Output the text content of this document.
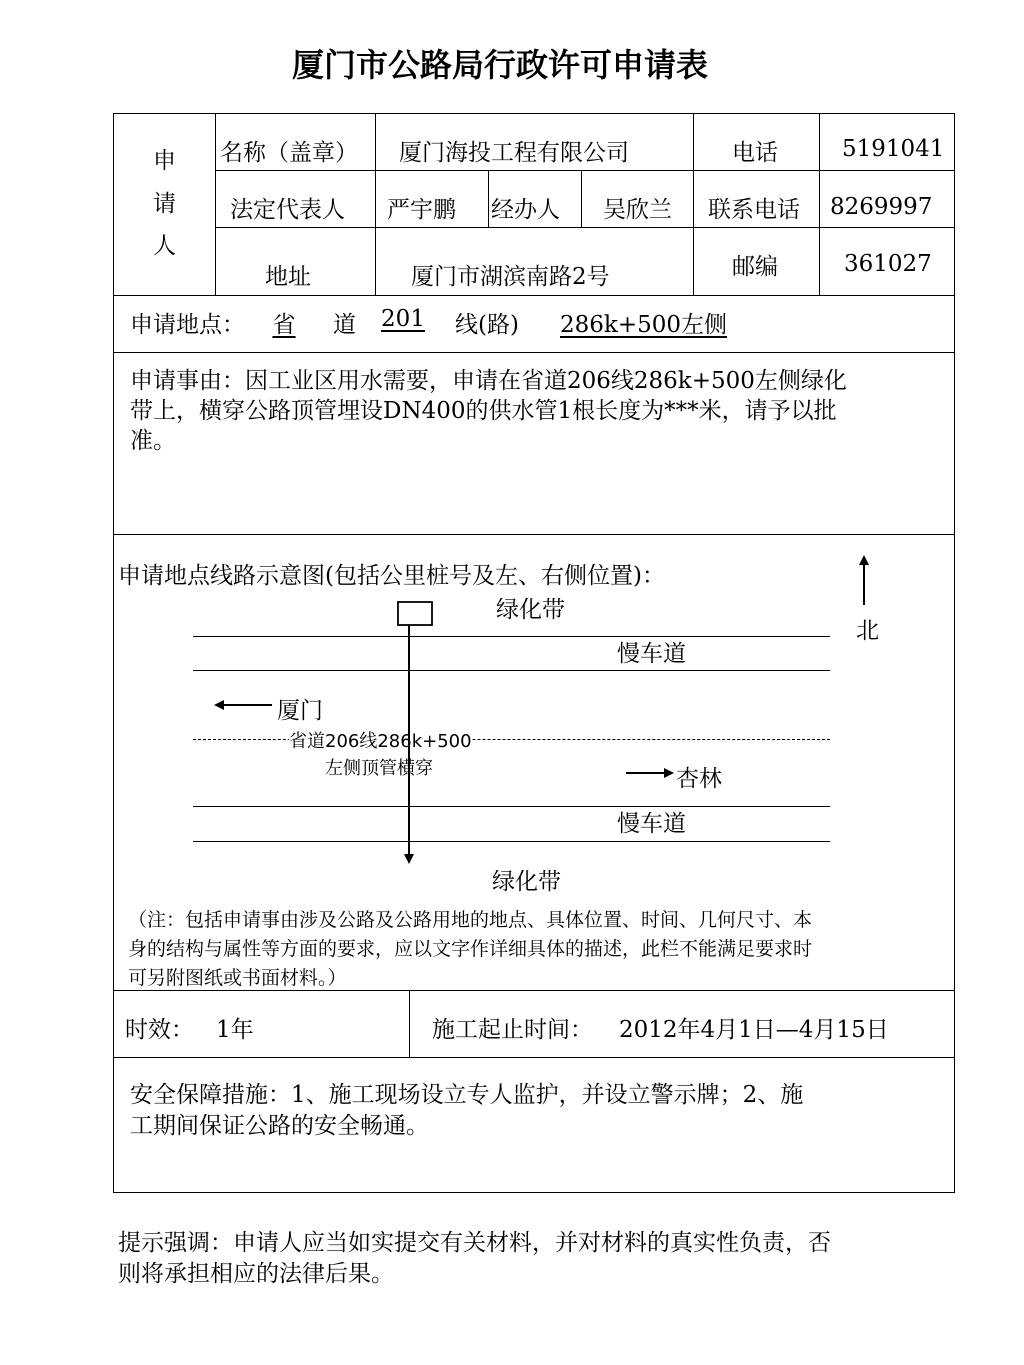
厦门市公路局行政许可申请表
申
请
人
名称（盖章） 厦门海投工程有限公司	电话	5191041
法定代表人 严宇鹏 经办人 吴欣兰 联系电话 8269997
地址	厦门市湖滨南路2号	邮编	361027
申请地点：	省	道	201	线(路)	286k+500左侧
申请事由：因工业区用水需要，申请在省道206线286k+500左侧绿化
带上，横穿公路顶管埋设DN400的供水管1根长度为***米，请予以批
准。
申请地点线路示意图(包括公里桩号及左、右侧位置)：
绿化带
北
慢车道
厦门
省道206线286k+500
左侧顶管横穿	杏林
慢车道
绿化带
（注：包括申请事由涉及公路及公路用地的地点、具体位置、时间、几何尺寸、本
身的结构与属性等方面的要求，应以文字作详细具体的描述，此栏不能满足要求时
可另附图纸或书面材料。）
时效： 1年	施工起止时间： 2012年4月1日—4月15日
安全保障措施：1、施工现场设立专人监护，并设立警示牌；2、施
工期间保证公路的安全畅通。
提示强调：申请人应当如实提交有关材料，并对材料的真实性负责，否
则将承担相应的法律后果。
